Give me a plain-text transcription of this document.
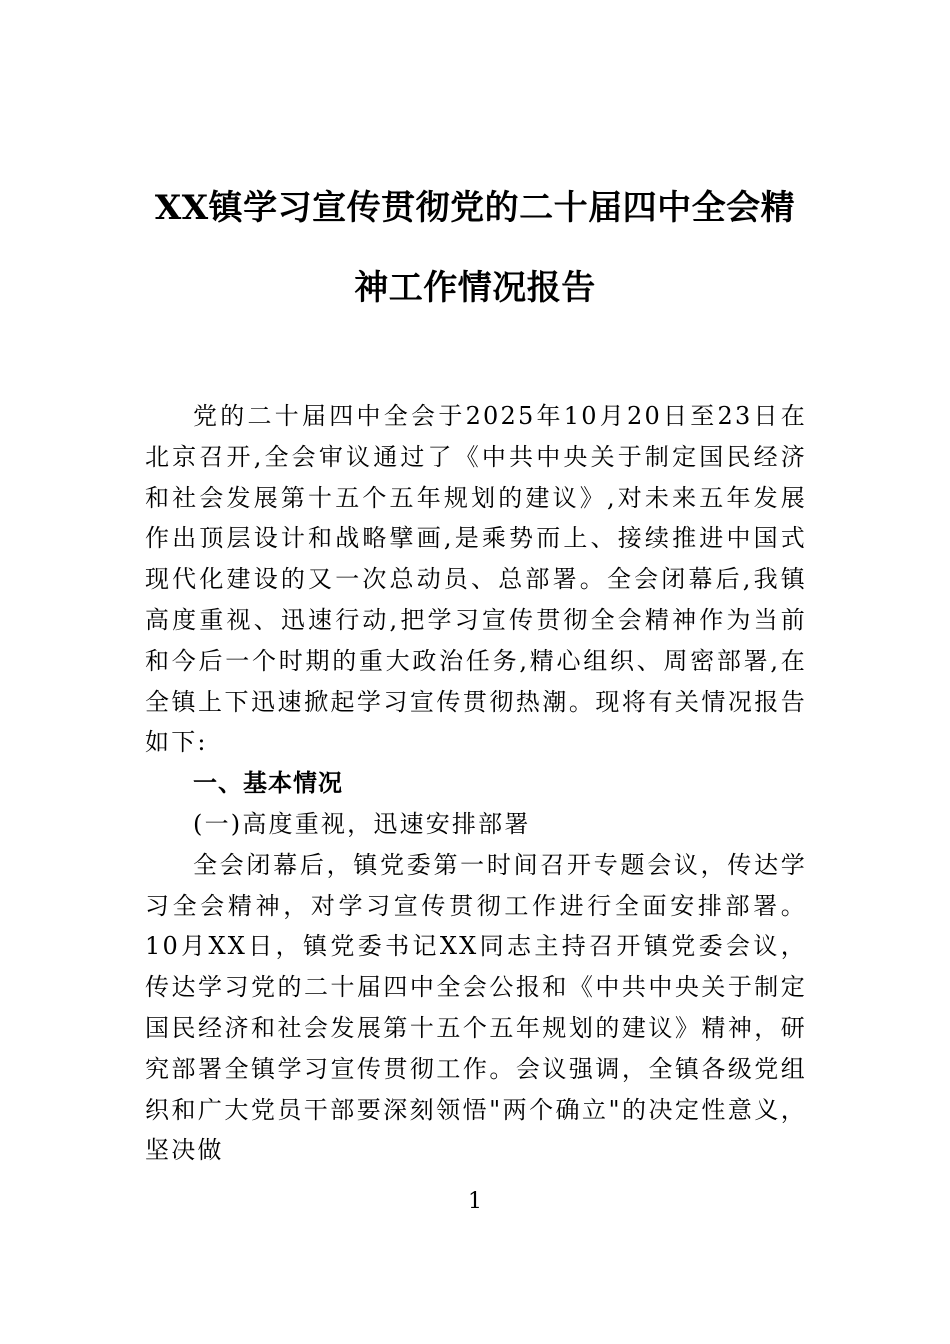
XX镇学习宣传贯彻党的二十届四中全会精
神工作情况报告

党的二十届四中全会于2025年10月20日至23日在北京召开,全会审议通过了《中共中央关于制定国民经济和社会发展第十五个五年规划的建议》,对未来五年发展作出顶层设计和战略擘画,是乘势而上、接续推进中国式现代化建设的又一次总动员、总部署。全会闭幕后,我镇高度重视、迅速行动,把学习宣传贯彻全会精神作为当前和今后一个时期的重大政治任务,精心组织、周密部署,在全镇上下迅速掀起学习宣传贯彻热潮。现将有关情况报告如下:

一、基本情况

(一)高度重视，迅速安排部署

全会闭幕后，镇党委第一时间召开专题会议，传达学习全会精神，对学习宣传贯彻工作进行全面安排部署。10月XX日，镇党委书记XX同志主持召开镇党委会议，传达学习党的二十届四中全会公报和《中共中央关于制定国民经济和社会发展第十五个五年规划的建议》精神，研究部署全镇学习宣传贯彻工作。会议强调，全镇各级党组织和广大党员干部要深刻领悟"两个确立"的决定性意义，坚决做

1
